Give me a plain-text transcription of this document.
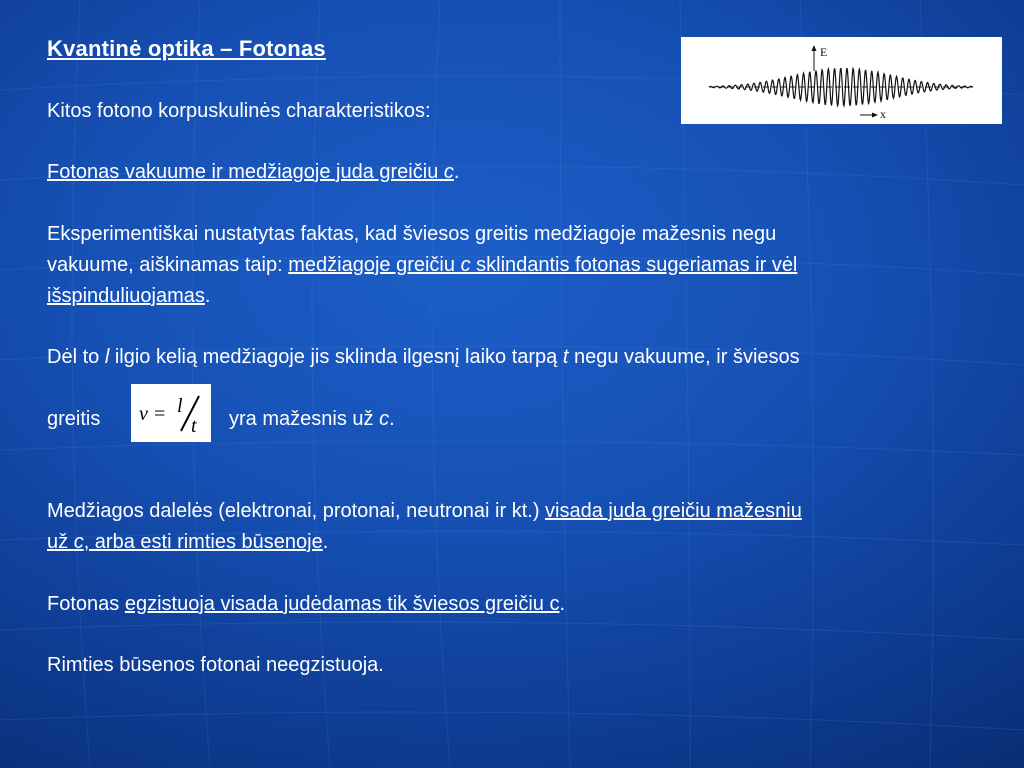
Kvantinė optika – Fotonas

Kitos fotono korpuskulinės charakteristikos:

Fotonas vakuume ir medžiagoje juda greičiu c.

Eksperimentiškai nustatytas faktas, kad šviesos greitis medžiagoje mažesnis negu
vakuume, aiškinamas taip: medžiagoje greičiu c sklindantis fotonas sugeriamas ir vėl
išspinduliuojamas.

Dėl to l ilgio kelią medžiagoje jis sklinda ilgesnį laiko tarpą t negu vakuume, ir šviesos

greitis	yra mažesnis už c.

Medžiagos dalelės (elektronai, protonai, neutronai ir kt.) visada juda greičiu mažesniu
už c, arba esti rimties būsenoje.

Fotonas egzistuoja visada judėdamas tik šviesos greičiu c.

Rimties būsenos fotonai neegzistuoja.

E
x
v = l
t
